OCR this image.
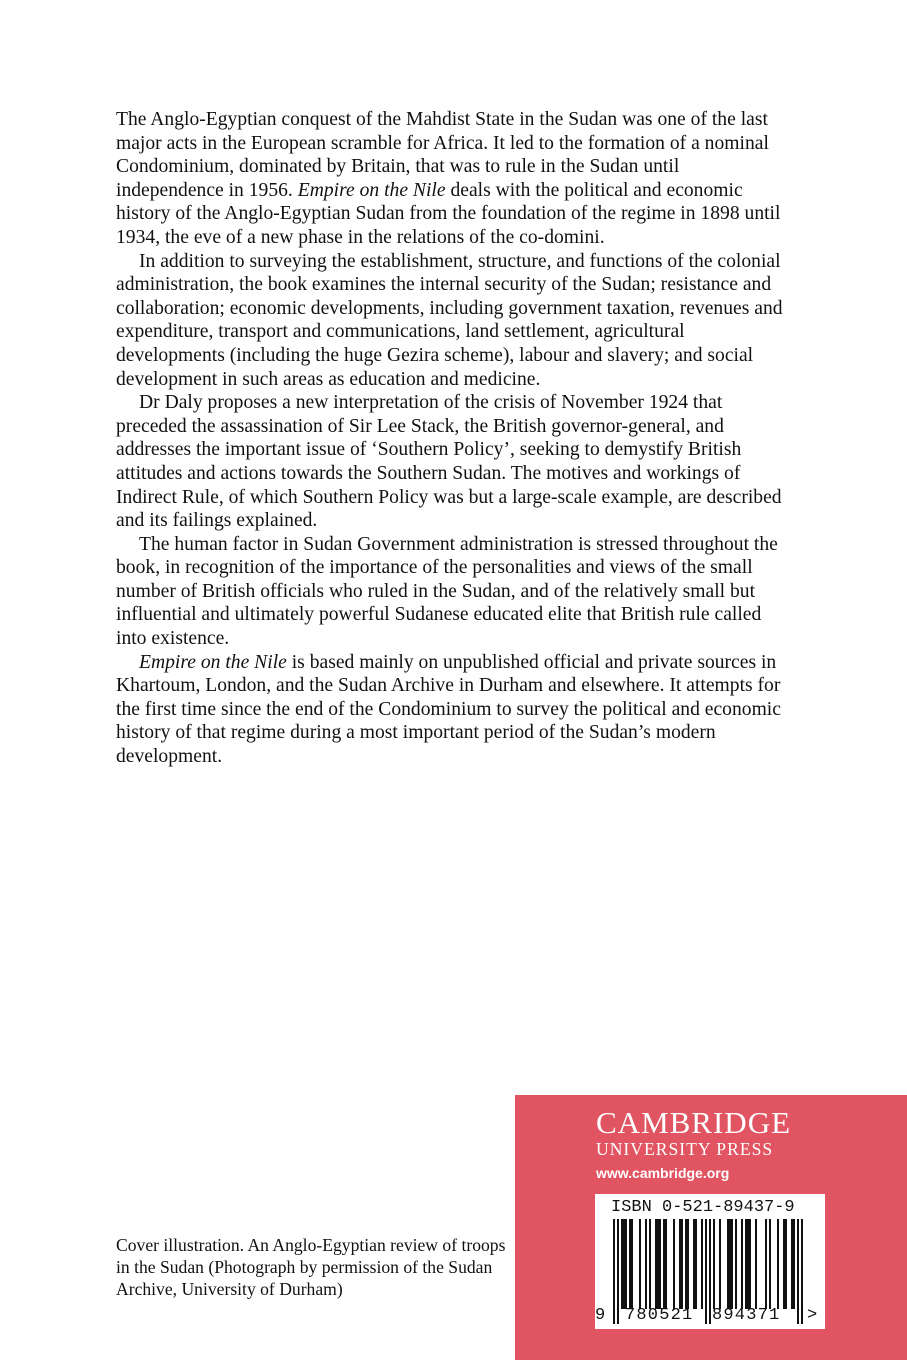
The Anglo-Egyptian conquest of the Mahdist State in the Sudan was one of the last major acts in the European scramble for Africa. It led to the formation of a nominal Condominium, dominated by Britain, that was to rule in the Sudan until independence in 1956. Empire on the Nile deals with the political and economic history of the Anglo-Egyptian Sudan from the foundation of the regime in 1898 until 1934, the eve of a new phase in the relations of the co-domini.

In addition to surveying the establishment, structure, and functions of the colonial administration, the book examines the internal security of the Sudan; resistance and collaboration; economic developments, including government taxation, revenues and expenditure, transport and communications, land settlement, agricultural developments (including the huge Gezira scheme), labour and slavery; and social development in such areas as education and medicine.

Dr Daly proposes a new interpretation of the crisis of November 1924 that preceded the assassination of Sir Lee Stack, the British governor-general, and addresses the important issue of ‘Southern Policy’, seeking to demystify British attitudes and actions towards the Southern Sudan. The motives and workings of Indirect Rule, of which Southern Policy was but a large-scale example, are described and its failings explained.

The human factor in Sudan Government administration is stressed throughout the book, in recognition of the importance of the personalities and views of the small number of British officials who ruled in the Sudan, and of the relatively small but influential and ultimately powerful Sudanese educated elite that British rule called into existence.

Empire on the Nile is based mainly on unpublished official and private sources in Khartoum, London, and the Sudan Archive in Durham and elsewhere. It attempts for the first time since the end of the Condominium to survey the political and economic history of that regime during a most important period of the Sudan’s modern development.

Cover illustration. An Anglo-Egyptian review of troops in the Sudan (Photograph by permission of the Sudan Archive, University of Durham)
CAMBRIDGE
UNIVERSITY PRESS
www.cambridge.org
ISBN 0-521-89437-9
9 780521 894371 >
